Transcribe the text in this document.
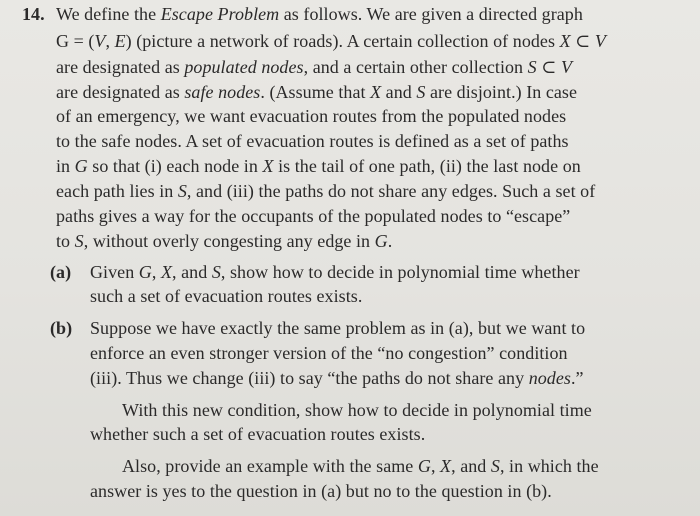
14. We define the Escape Problem as follows. We are given a directed graph
G = (V, E) (picture a network of roads). A certain collection of nodes X ⊂ V
are designated as populated nodes, and a certain other collection S ⊂ V
are designated as safe nodes. (Assume that X and S are disjoint.) In case
of an emergency, we want evacuation routes from the populated nodes
to the safe nodes. A set of evacuation routes is defined as a set of paths
in G so that (i) each node in X is the tail of one path, (ii) the last node on
each path lies in S, and (iii) the paths do not share any edges. Such a set of
paths gives a way for the occupants of the populated nodes to “escape”
to S, without overly congesting any edge in G.
(a) Given G, X, and S, show how to decide in polynomial time whether
such a set of evacuation routes exists.
(b) Suppose we have exactly the same problem as in (a), but we want to
enforce an even stronger version of the “no congestion” condition
(iii). Thus we change (iii) to say “the paths do not share any nodes.”
With this new condition, show how to decide in polynomial time
whether such a set of evacuation routes exists.
Also, provide an example with the same G, X, and S, in which the
answer is yes to the question in (a) but no to the question in (b).
